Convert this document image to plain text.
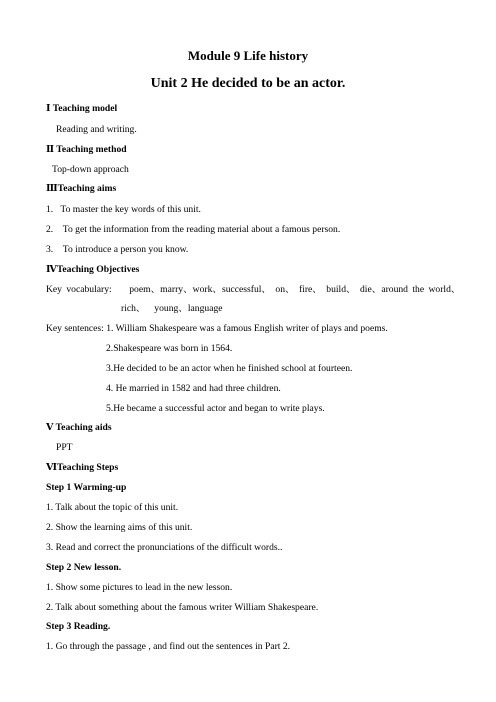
Module 9 Life history
Unit 2 He decided to be an actor.
Ⅰ Teaching model
Reading and writing.
Ⅱ Teaching method
Top-down approach
ⅢTeaching aims
1.   To master the key words of this unit.
2.    To get the information from the reading material about a famous person.
3.    To introduce a person you know.
ⅣTeaching Objectives
Key vocabulary:    poem、marry、work、successful、 on、 fire、 build、 die、around the world、
rich、  young、language
Key sentences: 1. William Shakespeare was a famous English writer of plays and poems.
2.Shakespeare was born in 1564.
3.He decided to be an actor when he finished school at fourteen.
4. He married in 1582 and had three children.
5.He became a successful actor and began to write plays.
Ⅴ Teaching aids
PPT
ⅥTeaching Steps
Step 1 Warming-up
1. Talk about the topic of this unit.
2. Show the learning aims of this unit.
3. Read and correct the pronunciations of the difficult words..
Step 2 New lesson.
1. Show some pictures to lead in the new lesson.
2. Talk about something about the famous writer William Shakespeare.
Step 3 Reading.
1. Go through the passage , and find out the sentences in Part 2.
